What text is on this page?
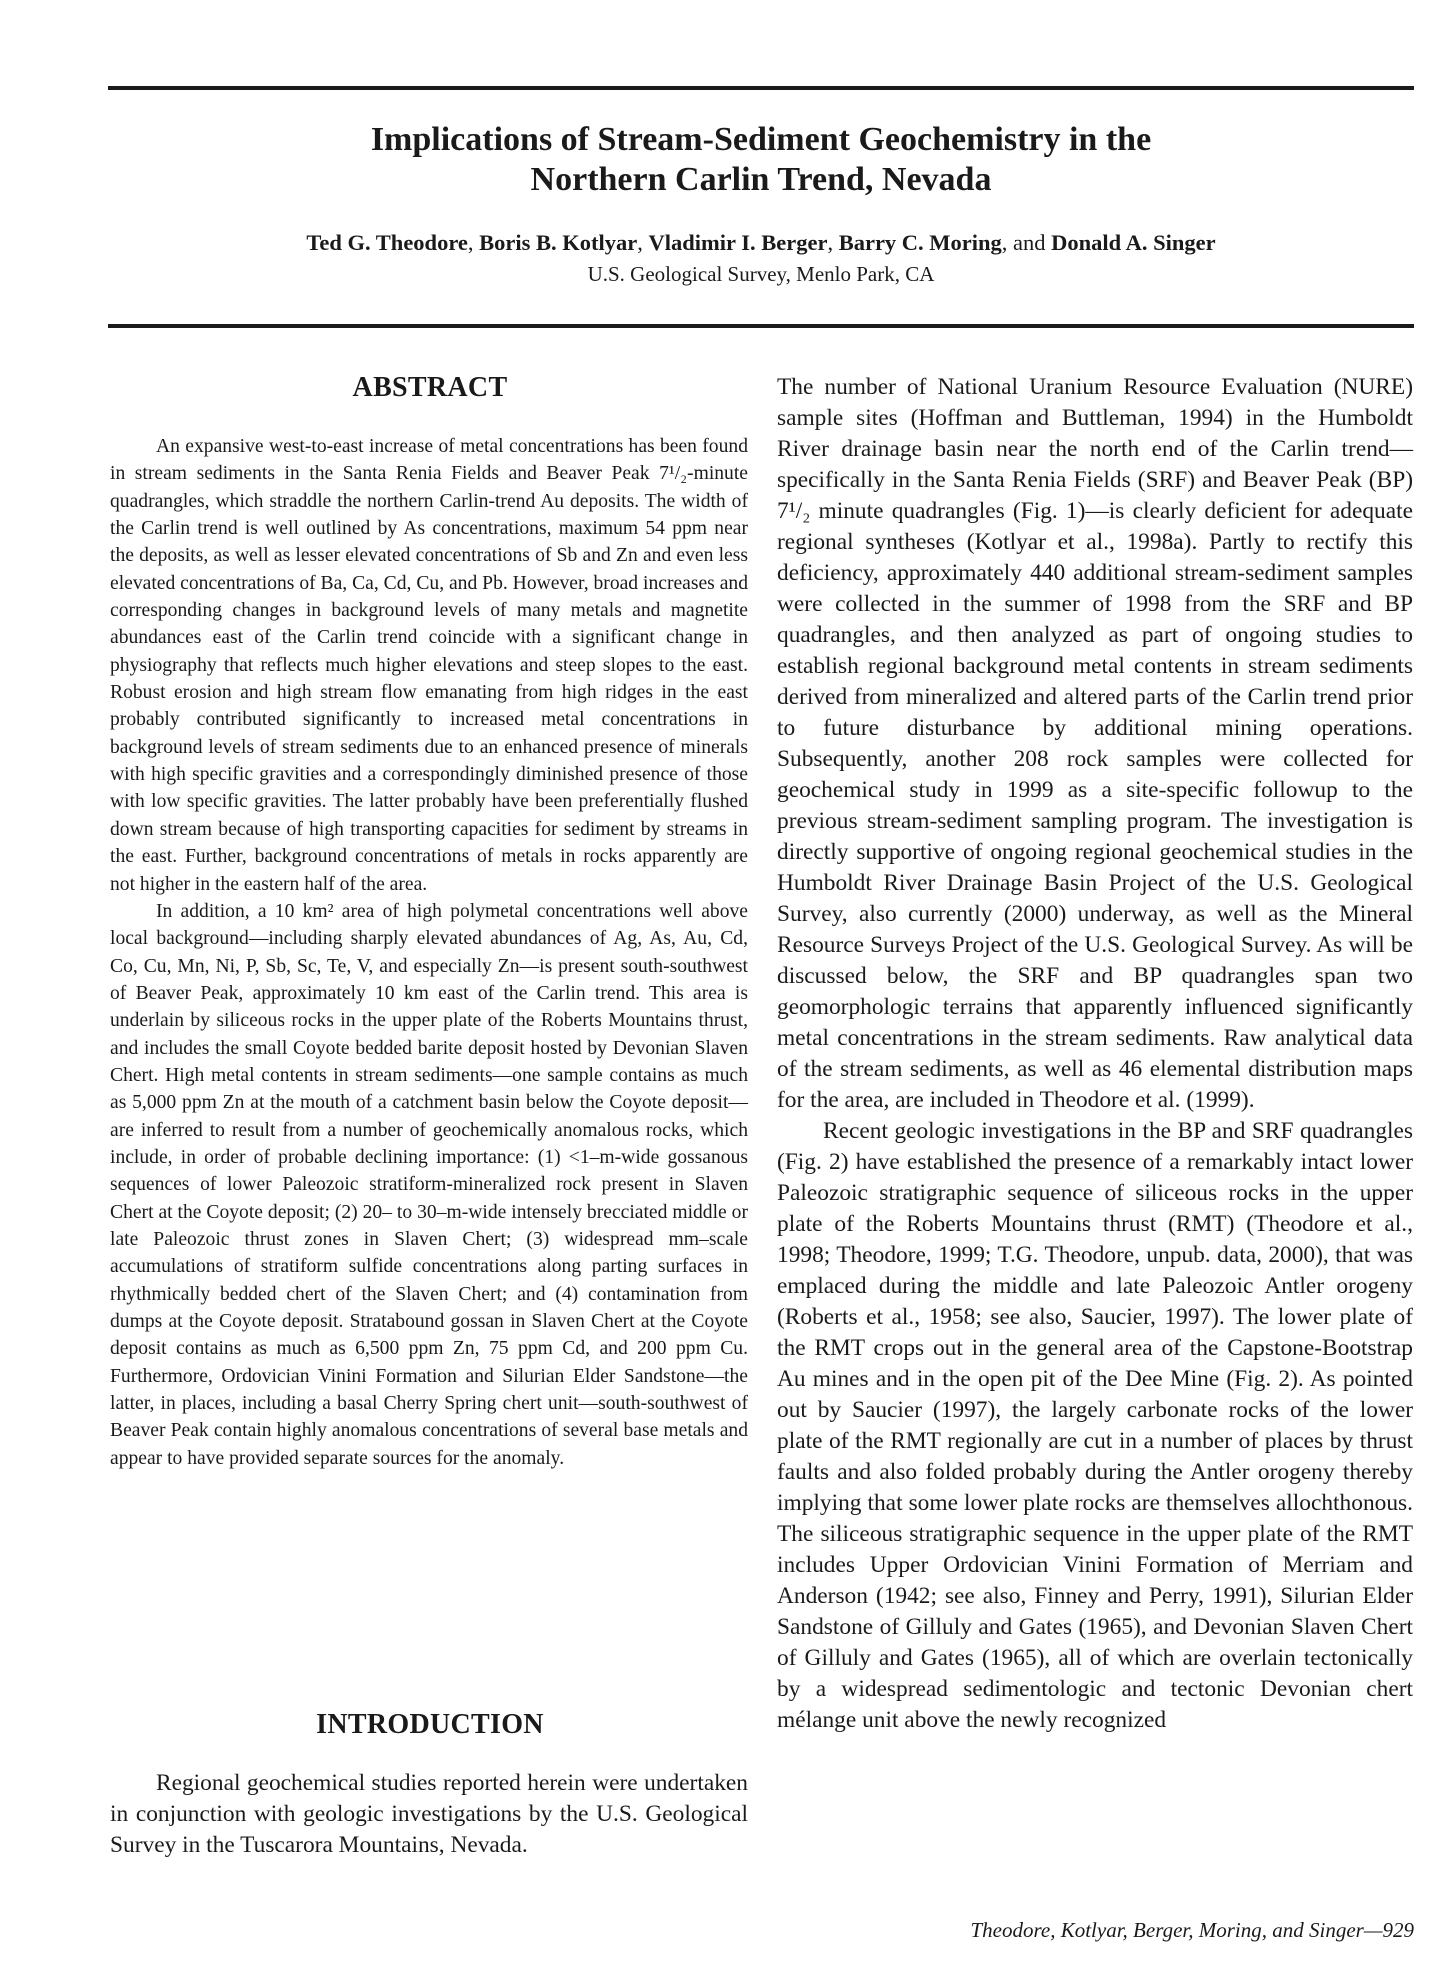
Implications of Stream-Sediment Geochemistry in the
Northern Carlin Trend, Nevada
Ted G. Theodore, Boris B. Kotlyar, Vladimir I. Berger, Barry C. Moring, and Donald A. Singer
U.S. Geological Survey, Menlo Park, CA
ABSTRACT

An expansive west-to-east increase of metal concentrations has been found in stream sediments in the Santa Renia Fields and Beaver Peak 7¹/₂-minute quadrangles, which straddle the northern Carlin-trend Au deposits. The width of the Carlin trend is well outlined by As concentrations, maximum 54 ppm near the deposits, as well as lesser elevated concentrations of Sb and Zn and even less elevated concentrations of Ba, Ca, Cd, Cu, and Pb. However, broad increases and corresponding changes in background levels of many metals and magnetite abundances east of the Carlin trend coincide with a significant change in physiography that reflects much higher elevations and steep slopes to the east. Robust erosion and high stream flow emanating from high ridges in the east probably contributed significantly to increased metal concentrations in background levels of stream sediments due to an enhanced presence of minerals with high specific gravities and a correspondingly diminished presence of those with low specific gravities. The latter probably have been preferentially flushed down stream because of high transporting capacities for sediment by streams in the east. Further, background concentrations of metals in rocks apparently are not higher in the eastern half of the area.

In addition, a 10 km² area of high polymetal concentrations well above local background—including sharply elevated abundances of Ag, As, Au, Cd, Co, Cu, Mn, Ni, P, Sb, Sc, Te, V, and especially Zn—is present south-southwest of Beaver Peak, approximately 10 km east of the Carlin trend. This area is underlain by siliceous rocks in the upper plate of the Roberts Mountains thrust, and includes the small Coyote bedded barite deposit hosted by Devonian Slaven Chert. High metal contents in stream sediments—one sample contains as much as 5,000 ppm Zn at the mouth of a catchment basin below the Coyote deposit—are inferred to result from a number of geochemically anomalous rocks, which include, in order of probable declining importance: (1) <1–m-wide gossanous sequences of lower Paleozoic stratiform-mineralized rock present in Slaven Chert at the Coyote deposit; (2) 20– to 30–m-wide intensely brecciated middle or late Paleozoic thrust zones in Slaven Chert; (3) widespread mm–scale accumulations of stratiform sulfide concentrations along parting surfaces in rhythmically bedded chert of the Slaven Chert; and (4) contamination from dumps at the Coyote deposit. Stratabound gossan in Slaven Chert at the Coyote deposit contains as much as 6,500 ppm Zn, 75 ppm Cd, and 200 ppm Cu. Furthermore, Ordovician Vinini Formation and Silurian Elder Sandstone—the latter, in places, including a basal Cherry Spring chert unit—south-southwest of Beaver Peak contain highly anomalous concentrations of several base metals and appear to have provided separate sources for the anomaly.

INTRODUCTION

Regional geochemical studies reported herein were undertaken in conjunction with geologic investigations by the U.S. Geological Survey in the Tuscarora Mountains, Nevada.

The number of National Uranium Resource Evaluation (NURE) sample sites (Hoffman and Buttleman, 1994) in the Humboldt River drainage basin near the north end of the Carlin trend—specifically in the Santa Renia Fields (SRF) and Beaver Peak (BP) 7¹/₂ minute quadrangles (Fig. 1)—is clearly deficient for adequate regional syntheses (Kotlyar et al., 1998a). Partly to rectify this deficiency, approximately 440 additional stream-sediment samples were collected in the summer of 1998 from the SRF and BP quadrangles, and then analyzed as part of ongoing studies to establish regional background metal contents in stream sediments derived from mineralized and altered parts of the Carlin trend prior to future disturbance by additional mining operations. Subsequently, another 208 rock samples were collected for geochemical study in 1999 as a site-specific followup to the previous stream-sediment sampling program. The investigation is directly supportive of ongoing regional geochemical studies in the Humboldt River Drainage Basin Project of the U.S. Geological Survey, also currently (2000) underway, as well as the Mineral Resource Surveys Project of the U.S. Geological Survey. As will be discussed below, the SRF and BP quadrangles span two geomorphologic terrains that apparently influenced significantly metal concentrations in the stream sediments. Raw analytical data of the stream sediments, as well as 46 elemental distribution maps for the area, are included in Theodore et al. (1999).

Recent geologic investigations in the BP and SRF quadrangles (Fig. 2) have established the presence of a remarkably intact lower Paleozoic stratigraphic sequence of siliceous rocks in the upper plate of the Roberts Mountains thrust (RMT) (Theodore et al., 1998; Theodore, 1999; T.G. Theodore, unpub. data, 2000), that was emplaced during the middle and late Paleozoic Antler orogeny (Roberts et al., 1958; see also, Saucier, 1997). The lower plate of the RMT crops out in the general area of the Capstone-Bootstrap Au mines and in the open pit of the Dee Mine (Fig. 2). As pointed out by Saucier (1997), the largely carbonate rocks of the lower plate of the RMT regionally are cut in a number of places by thrust faults and also folded probably during the Antler orogeny thereby implying that some lower plate rocks are themselves allochthonous. The siliceous stratigraphic sequence in the upper plate of the RMT includes Upper Ordovician Vinini Formation of Merriam and Anderson (1942; see also, Finney and Perry, 1991), Silurian Elder Sandstone of Gilluly and Gates (1965), and Devonian Slaven Chert of Gilluly and Gates (1965), all of which are overlain tectonically by a widespread sedimentologic and tectonic Devonian chert mélange unit above the newly recognized

Theodore, Kotlyar, Berger, Moring, and Singer—929
